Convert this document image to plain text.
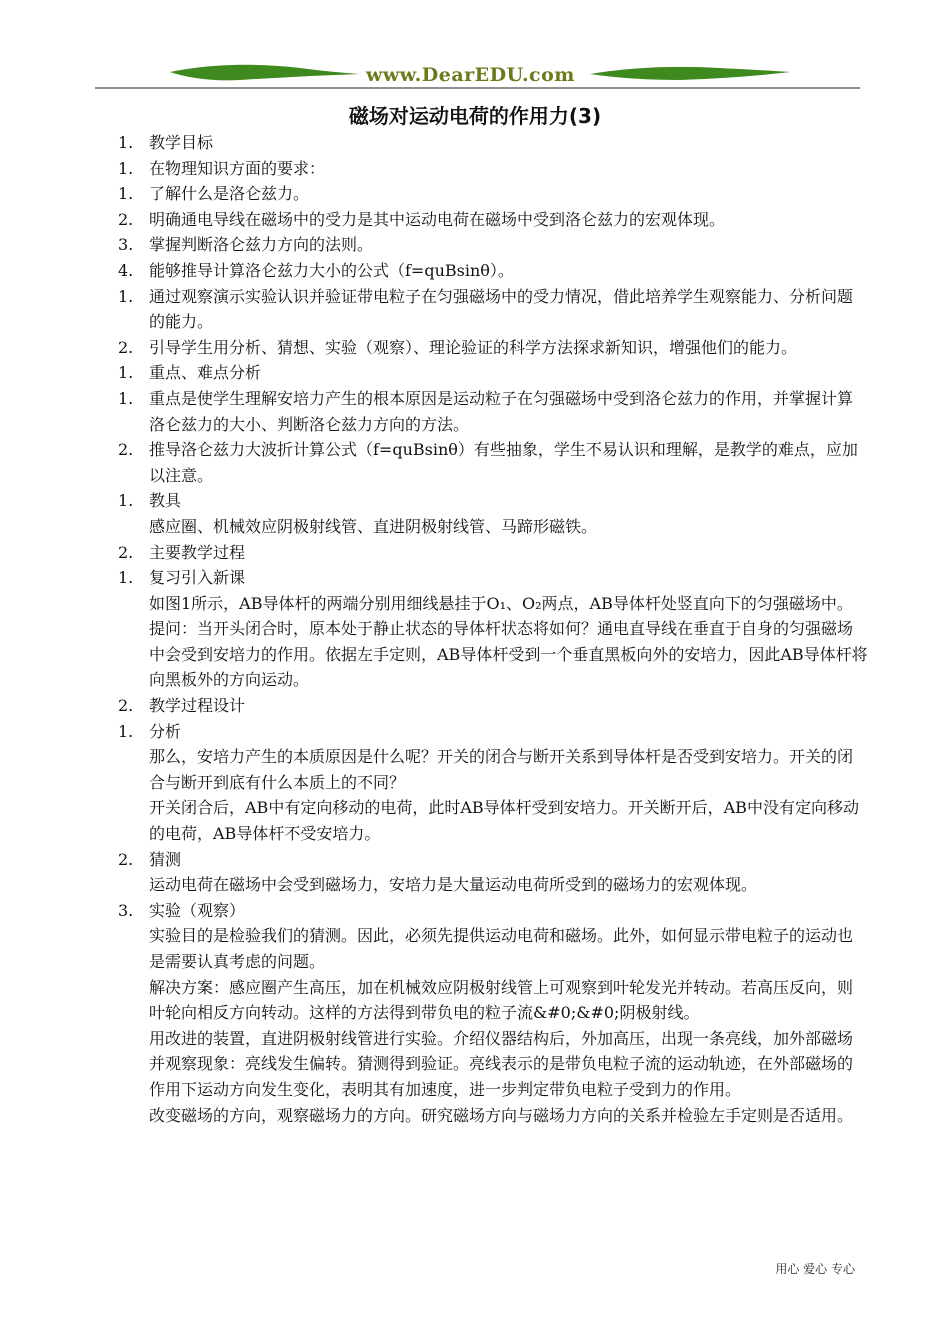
www.DearEDU.com
磁场对运动电荷的作用力(3)
1. 教学目标
1. 在物理知识方面的要求：
1. 了解什么是洛仑兹力。
2. 明确通电导线在磁场中的受力是其中运动电荷在磁场中受到洛仑兹力的宏观体现。
3. 掌握判断洛仑兹力方向的法则。
4. 能够推导计算洛仑兹力大小的公式（f=quBsinθ）。
1. 通过观察演示实验认识并验证带电粒子在匀强磁场中的受力情况，借此培养学生观察能力、分析问题的能力。
2. 引导学生用分析、猜想、实验（观察）、理论验证的科学方法探求新知识，增强他们的能力。
1. 重点、难点分析
1. 重点是使学生理解安培力产生的根本原因是运动粒子在匀强磁场中受到洛仑兹力的作用，并掌握计算洛仑兹力的大小、判断洛仑兹力方向的方法。
2. 推导洛仑兹力大波折计算公式（f=quBsinθ）有些抽象，学生不易认识和理解，是教学的难点，应加以注意。
1. 教具
感应圈、机械效应阴极射线管、直进阴极射线管、马蹄形磁铁。
2. 主要教学过程
1. 复习引入新课
如图1所示，AB导体杆的两端分别用细线悬挂于O₁、O₂两点，AB导体杆处竖直向下的匀强磁场中。提问：当开头闭合时，原本处于静止状态的导体杆状态将如何？通电直导线在垂直于自身的匀强磁场中会受到安培力的作用。依据左手定则，AB导体杆受到一个垂直黑板向外的安培力，因此AB导体杆将向黑板外的方向运动。
2. 教学过程设计
1. 分析
那么，安培力产生的本质原因是什么呢？开关的闭合与断开关系到导体杆是否受到安培力。开关的闭合与断开到底有什么本质上的不同？
开关闭合后，AB中有定向移动的电荷，此时AB导体杆受到安培力。开关断开后，AB中没有定向移动的电荷，AB导体杆不受安培力。
2. 猜测
运动电荷在磁场中会受到磁场力，安培力是大量运动电荷所受到的磁场力的宏观体现。
3. 实验（观察）
实验目的是检验我们的猜测。因此，必须先提供运动电荷和磁场。此外，如何显示带电粒子的运动也是需要认真考虑的问题。
解决方案：感应圈产生高压，加在机械效应阴极射线管上可观察到叶轮发光并转动。若高压反向，则叶轮向相反方向转动。这样的方法得到带负电的粒子流&#0;&#0;阴极射线。
用改进的装置，直进阴极射线管进行实验。介绍仪器结构后，外加高压，出现一条亮线，加外部磁场并观察现象：亮线发生偏转。猜测得到验证。亮线表示的是带负电粒子流的运动轨迹，在外部磁场的作用下运动方向发生变化，表明其有加速度，进一步判定带负电粒子受到力的作用。
改变磁场的方向，观察磁场力的方向。研究磁场方向与磁场力方向的关系并检验左手定则是否适用。
用心 爱心 专心
